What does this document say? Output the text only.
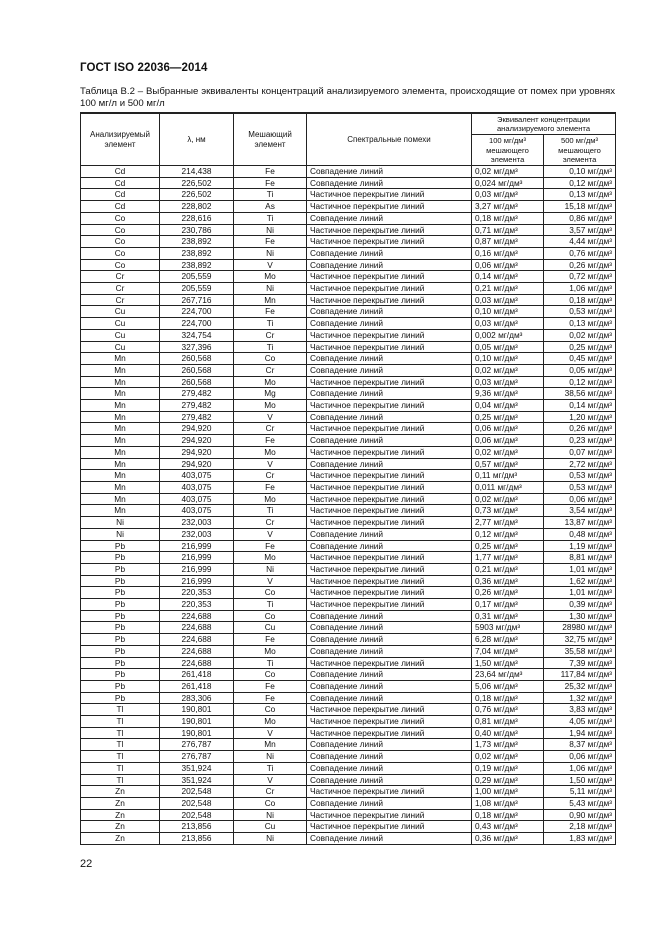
ГОСТ ISO 22036—2014
Таблица B.2 – Выбранные эквиваленты концентраций анализируемого элемента, происходящие от помех при уровнях 100 мг/л и 500 мг/л
Анализируемый элемент	λ, нм	Мешающий элемент	Спектральные помехи	Эквивалент концентрации анализируемого элемента	
				100 мг/дм³ мешающего элемента	500 мг/дм³ мешающего элемента
Cd	214,438	Fe	Совпадение линий	0,02 мг/дм³	0,10 мг/дм³
Cd	226,502	Fe	Совпадение линий	0,024 мг/дм³	0,12 мг/дм³
Cd	226,502	Ti	Частичное перекрытие линий	0,03 мг/дм³	0,13 мг/дм³
Cd	228,802	As	Частичное перекрытие линий	3,27 мг/дм³	15,18 мг/дм³
Co	228,616	Ti	Совпадение линий	0,18 мг/дм³	0,86 мг/дм³
Co	230,786	Ni	Частичное перекрытие линий	0,71 мг/дм³	3,57 мг/дм³
Co	238,892	Fe	Частичное перекрытие линий	0,87 мг/дм³	4,44 мг/дм³
Co	238,892	Ni	Совпадение линий	0,16 мг/дм³	0,76 мг/дм³
Co	238,892	V	Совпадение линий	0,06 мг/дм³	0,26 мг/дм³
Cr	205,559	Mo	Частичное перекрытие линий	0,14 мг/дм³	0,72 мг/дм³
Cr	205,559	Ni	Частичное перекрытие линий	0,21 мг/дм³	1,06 мг/дм³
Cr	267,716	Mn	Частичное перекрытие линий	0,03 мг/дм³	0,18 мг/дм³
Cu	224,700	Fe	Совпадение линий	0,10 мг/дм³	0,53 мг/дм³
Cu	224,700	Ti	Совпадение линий	0,03 мг/дм³	0,13 мг/дм³
Cu	324,754	Cr	Частичное перекрытие линий	0,002 мг/дм³	0,02 мг/дм³
Cu	327,396	Ti	Частичное перекрытие линий	0,05 мг/дм³	0,25 мг/дм³
Mn	260,568	Co	Совпадение линий	0,10 мг/дм³	0,45 мг/дм³
Mn	260,568	Cr	Совпадение линий	0,02 мг/дм³	0,05 мг/дм³
Mn	260,568	Mo	Частичное перекрытие линий	0,03 мг/дм³	0,12 мг/дм³
Mn	279,482	Mg	Совпадение линий	9,36 мг/дм³	38,56 мг/дм³
Mn	279,482	Mo	Частичное перекрытие линий	0,04 мг/дм³	0,14 мг/дм³
Mn	279,482	V	Совпадение линий	0,25 мг/дм³	1,20 мг/дм³
Mn	294,920	Cr	Частичное перекрытие линий	0,06 мг/дм³	0,26 мг/дм³
Mn	294,920	Fe	Совпадение линий	0,06 мг/дм³	0,23 мг/дм³
Mn	294,920	Mo	Частичное перекрытие линий	0,02 мг/дм³	0,07 мг/дм³
Mn	294,920	V	Совпадение линий	0,57 мг/дм³	2,72 мг/дм³
Mn	403,075	Cr	Частичное перекрытие линий	0,11 мг/дм³	0,53 мг/дм³
Mn	403,075	Fe	Частичное перекрытие линий	0,011 мг/дм³	0,53 мг/дм³
Mn	403,075	Mo	Частичное перекрытие линий	0,02 мг/дм³	0,06 мг/дм³
Mn	403,075	Ti	Частичное перекрытие линий	0,73 мг/дм³	3,54 мг/дм³
Ni	232,003	Cr	Частичное перекрытие линий	2,77 мг/дм³	13,87 мг/дм³
Ni	232,003	V	Совпадение линий	0,12 мг/дм³	0,48 мг/дм³
Pb	216,999	Fe	Совпадение линий	0,25 мг/дм³	1,19 мг/дм³
Pb	216,999	Mo	Частичное перекрытие линий	1,77 мг/дм³	8,81 мг/дм³
Pb	216,999	Ni	Частичное перекрытие линий	0,21 мг/дм³	1,01 мг/дм³
Pb	216,999	V	Частичное перекрытие линий	0,36 мг/дм³	1,62 мг/дм³
Pb	220,353	Co	Частичное перекрытие линий	0,26 мг/дм³	1,01 мг/дм³
Pb	220,353	Ti	Частичное перекрытие линий	0,17 мг/дм³	0,39 мг/дм³
Pb	224,688	Co	Совпадение линий	0,31 мг/дм³	1,30 мг/дм³
Pb	224,688	Cu	Совпадение линий	5903 мг/дм³	28980 мг/дм³
Pb	224,688	Fe	Совпадение линий	6,28 мг/дм³	32,75 мг/дм³
Pb	224,688	Mo	Совпадение линий	7,04 мг/дм³	35,58 мг/дм³
Pb	224,688	Ti	Частичное перекрытие линий	1,50 мг/дм³	7,39 мг/дм³
Pb	261,418	Co	Совпадение линий	23,64 мг/дм³	117,84 мг/дм³
Pb	261,418	Fe	Совпадение линий	5,06 мг/дм³	25,32 мг/дм³
Pb	283,306	Fe	Совпадение линий	0,18 мг/дм³	1,32 мг/дм³
Tl	190,801	Co	Частичное перекрытие линий	0,76 мг/дм³	3,83 мг/дм³
Tl	190,801	Mo	Частичное перекрытие линий	0,81 мг/дм³	4,05 мг/дм³
Tl	190,801	V	Частичное перекрытие линий	0,40 мг/дм³	1,94 мг/дм³
Tl	276,787	Mn	Совпадение линий	1,73 мг/дм³	8,37 мг/дм³
Tl	276,787	Ni	Совпадение линий	0,02 мг/дм³	0,06 мг/дм³
Tl	351,924	Ti	Совпадение линий	0,19 мг/дм³	1,06 мг/дм³
Tl	351,924	V	Совпадение линий	0,29 мг/дм³	1,50 мг/дм³
Zn	202,548	Cr	Частичное перекрытие линий	1,00 мг/дм³	5,11 мг/дм³
Zn	202,548	Co	Совпадение линий	1,08 мг/дм³	5,43 мг/дм³
Zn	202,548	Ni	Частичное перекрытие линий	0,18 мг/дм³	0,90 мг/дм³
Zn	213,856	Cu	Частичное перекрытие линий	0,43 мг/дм³	2,18 мг/дм³
Zn	213,856	Ni	Совпадение линий	0,36 мг/дм³	1,83 мг/дм³
22
